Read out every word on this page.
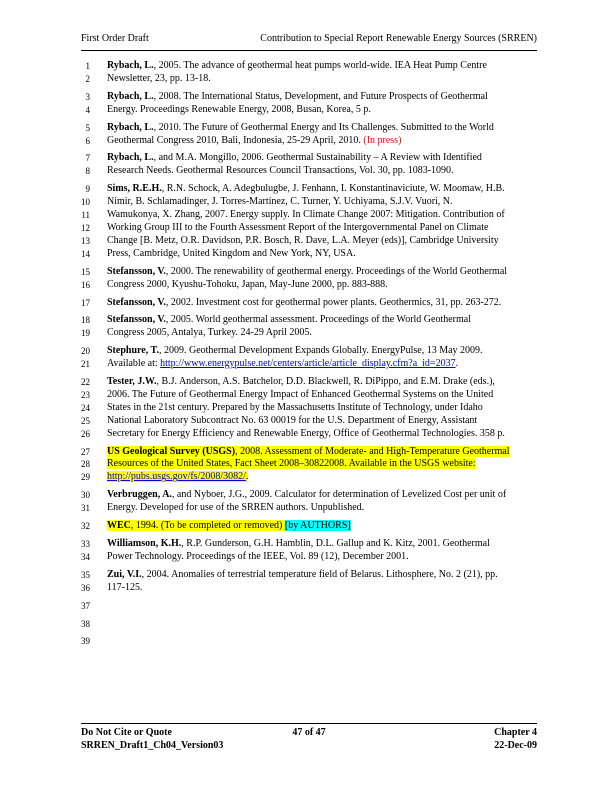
First Order Draft	Contribution to Special Report Renewable Energy Sources (SRREN)
1 Rybach, L., 2005. The advance of geothermal heat pumps world-wide. IEA Heat Pump Centre
2 Newsletter, 23, pp. 13-18.
3 Rybach, L., 2008. The International Status, Development, and Future Prospects of Geothermal
4 Energy. Proceedings Renewable Energy, 2008, Busan, Korea, 5 p.
5 Rybach, L., 2010. The Future of Geothermal Energy and Its Challenges. Submitted to the World
6 Geothermal Congress 2010, Bali, Indonesia, 25-29 April, 2010. (In press)
7 Rybach, L., and M.A. Mongillo, 2006. Geothermal Sustainability – A Review with Identified
8 Research Needs. Geothermal Resources Council Transactions, Vol. 30, pp. 1083-1090.
9 Sims, R.E.H., R.N. Schock, A. Adegbulugbe, J. Fenhann, I. Konstantinaviciute, W. Moomaw, H.B.
10 Nimir, B. Schlamadinger, J. Torres-Martínez, C. Turner, Y. Uchiyama, S.J.V. Vuori, N.
11 Wamukonya, X. Zhang, 2007. Energy supply. In Climate Change 2007: Mitigation. Contribution of
12 Working Group III to the Fourth Assessment Report of the Intergovernmental Panel on Climate
13 Change [B. Metz, O.R. Davidson, P.R. Bosch, R. Dave, L.A. Meyer (eds)], Cambridge University
14 Press, Cambridge, United Kingdom and New York, NY, USA.
15 Stefansson, V., 2000. The renewability of geothermal energy. Proceedings of the World Geothermal
16 Congress 2000, Kyushu-Tohoku, Japan, May-June 2000, pp. 883-888.
17 Stefansson, V., 2002. Investment cost for geothermal power plants. Geothermics, 31, pp. 263-272.
18 Stefansson, V., 2005. World geothermal assessment. Proceedings of the World Geothermal
19 Congress 2005, Antalya, Turkey. 24-29 April 2005.
20 Stephure, T., 2009. Geothermal Development Expands Globally. EnergyPulse, 13 May 2009.
21 Available at: http://www.energypulse.net/centers/article/article_display.cfm?a_id=2037.
22 Tester, J.W., B.J. Anderson, A.S. Batchelor, D.D. Blackwell, R. DiPippo, and E.M. Drake (eds.),
23 2006. The Future of Geothermal Energy Impact of Enhanced Geothermal Systems on the United
24 States in the 21st century. Prepared by the Massachusetts Institute of Technology, under Idaho
25 National Laboratory Subcontract No. 63 00019 for the U.S. Department of Energy, Assistant
26 Secretary for Energy Efficiency and Renewable Energy, Office of Geothermal Technologies. 358 p.
27 US Geological Survey (USGS), 2008. Assessment of Moderate- and High-Temperature Geothermal
28 Resources of the United States, Fact Sheet 2008–30822008. Available in the USGS website:
29 http://pubs.usgs.gov/fs/2008/3082/.
30 Verbruggen, A., and Nyboer, J.G., 2009. Calculator for determination of Levelized Cost per unit of
31 Energy. Developed for use of the SRREN authors. Unpublished.
32 WEC, 1994. (To be completed or removed) [by AUTHORS]
33 Williamson, K.H., R.P. Gunderson, G.H. Hamblin, D.L. Gallup and K. Kitz, 2001. Geothermal
34 Power Technology. Proceedings of the IEEE, Vol. 89 (12), December 2001.
35 Zui, V.I., 2004. Anomalies of terrestrial temperature field of Belarus. Lithosphere, No. 2 (21), pp.
36 117-125.
37
38
39
Do Not Cite or Quote	47 of 47	Chapter 4
SRREN_Draft1_Ch04_Version03	22-Dec-09
